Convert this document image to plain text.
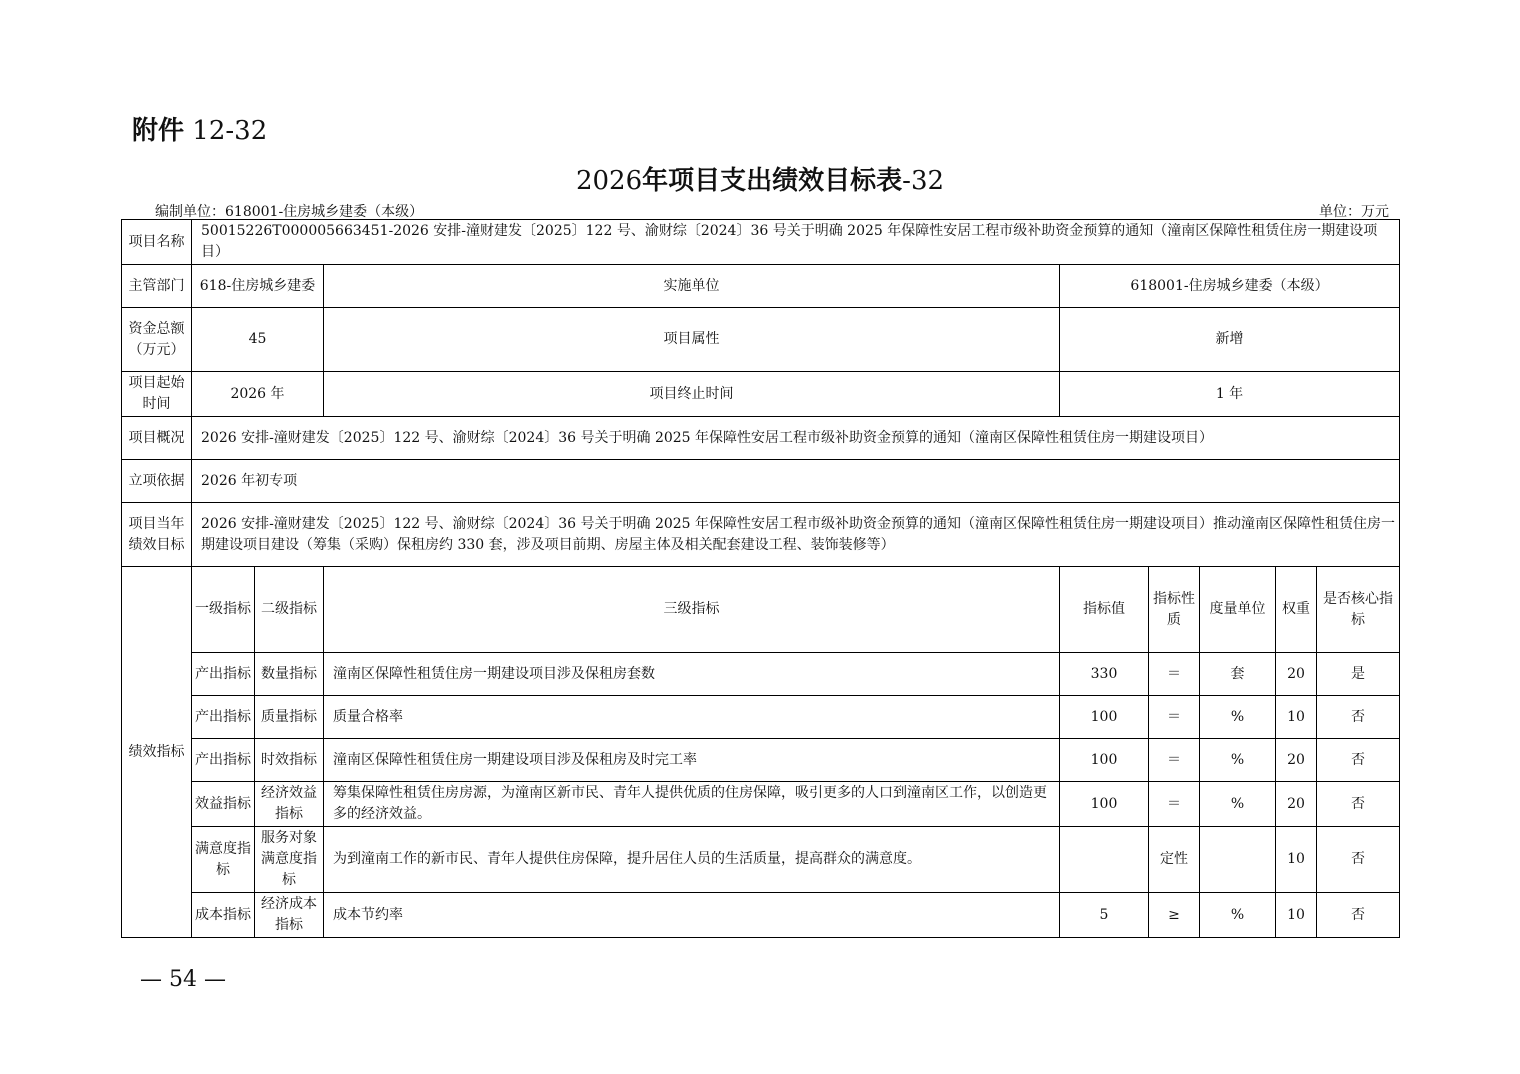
附件 12-32
2026年项目支出绩效目标表-32
编制单位：618001-住房城乡建委（本级）	单位：万元
项目名称	50015226T000005663451-2026 安排-潼财建发〔2025〕122 号、渝财综〔2024〕36 号关于明确 2025 年保障性安居工程市级补助资金预算的通知（潼南区保障性租赁住房一期建设项目）							
主管部门	618-住房城乡建委		实施单位	618001-住房城乡建委（本级）				
资金总额（万元）	45		项目属性	新增				
项目起始时间	2026 年		项目终止时间	1 年				
项目概况	2026 安排-潼财建发〔2025〕122 号、渝财综〔2024〕36 号关于明确 2025 年保障性安居工程市级补助资金预算的通知（潼南区保障性租赁住房一期建设项目）							
立项依据	2026 年初专项							
项目当年绩效目标	2026 安排-潼财建发〔2025〕122 号、渝财综〔2024〕36 号关于明确 2025 年保障性安居工程市级补助资金预算的通知（潼南区保障性租赁住房一期建设项目）推动潼南区保障性租赁住房一期建设项目建设（筹集（采购）保租房约 330 套，涉及项目前期、房屋主体及相关配套建设工程、装饰装修等）							
绩效指标	一级指标	二级指标	三级指标	指标值	指标性质	度量单位	权重	是否核心指标
	产出指标	数量指标	潼南区保障性租赁住房一期建设项目涉及保租房套数	330	＝	套	20	是
	产出指标	质量指标	质量合格率	100	＝	%	10	否
	产出指标	时效指标	潼南区保障性租赁住房一期建设项目涉及保租房及时完工率	100	＝	%	20	否
	效益指标	经济效益指标	筹集保障性租赁住房房源，为潼南区新市民、青年人提供优质的住房保障，吸引更多的人口到潼南区工作，以创造更多的经济效益。	100	＝	%	20	否
	满意度指标	服务对象满意度指标	为到潼南工作的新市民、青年人提供住房保障，提升居住人员的生活质量，提高群众的满意度。		定性		10	否
	成本指标	经济成本指标	成本节约率	5	≥	%	10	否
— 54 —
